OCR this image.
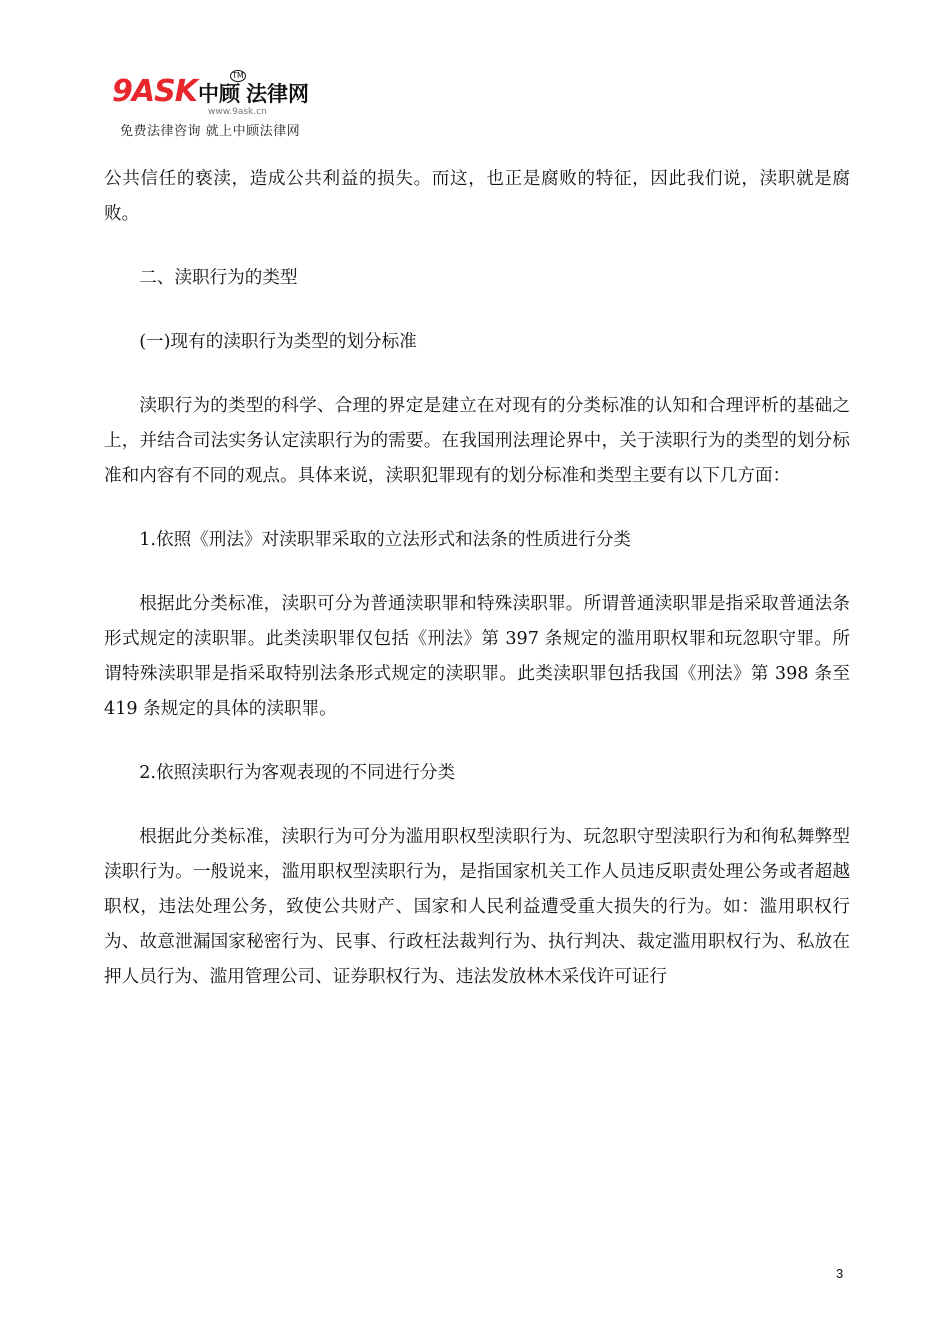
9ASK中顾 法律网
TM
www.9ask.cn
免费法律咨询 就上中顾法律网

公共信任的亵渎，造成公共利益的损失。而这，也正是腐败的特征，因此我们说，渎职就是腐败。

二、渎职行为的类型

(一)现有的渎职行为类型的划分标准

渎职行为的类型的科学、合理的界定是建立在对现有的分类标准的认知和合理评析的基础之上，并结合司法实务认定渎职行为的需要。在我国刑法理论界中，关于渎职行为的类型的划分标准和内容有不同的观点。具体来说，渎职犯罪现有的划分标准和类型主要有以下几方面：

1.依照《刑法》对渎职罪采取的立法形式和法条的性质进行分类

根据此分类标准，渎职可分为普通渎职罪和特殊渎职罪。所谓普通渎职罪是指采取普通法条形式规定的渎职罪。此类渎职罪仅包括《刑法》第 397 条规定的滥用职权罪和玩忽职守罪。所谓特殊渎职罪是指采取特别法条形式规定的渎职罪。此类渎职罪包括我国《刑法》第 398 条至 419 条规定的具体的渎职罪。

2.依照渎职行为客观表现的不同进行分类

根据此分类标准，渎职行为可分为滥用职权型渎职行为、玩忽职守型渎职行为和徇私舞弊型渎职行为。一般说来，滥用职权型渎职行为，是指国家机关工作人员违反职责处理公务或者超越职权，违法处理公务，致使公共财产、国家和人民利益遭受重大损失的行为。如：滥用职权行为、故意泄漏国家秘密行为、民事、行政枉法裁判行为、执行判决、裁定滥用职权行为、私放在押人员行为、滥用管理公司、证券职权行为、违法发放林木采伐许可证行

3
